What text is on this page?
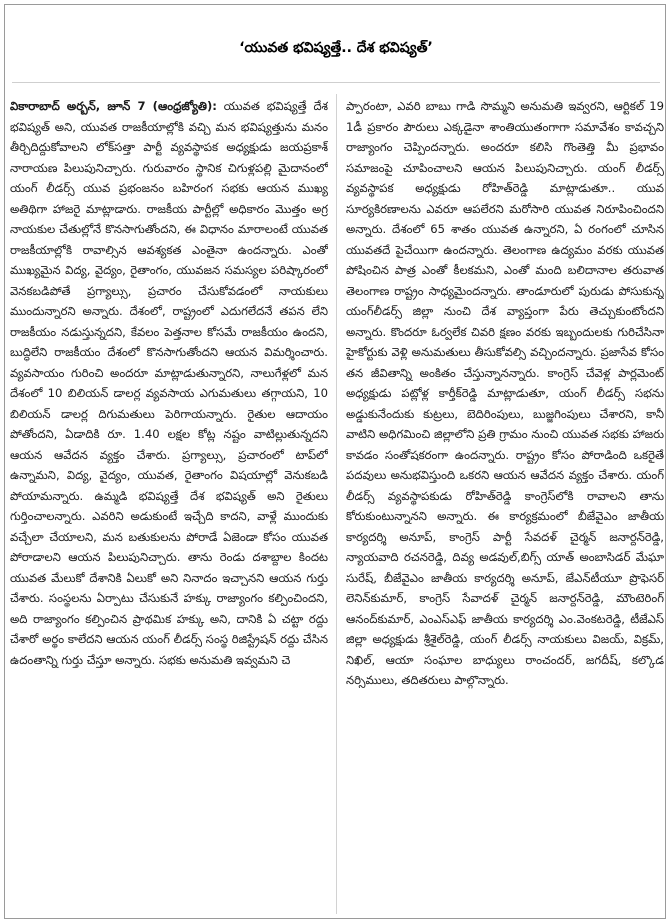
‘యువత భవిష్యత్తే.. దేశ భవిష్యత్’

వికారాబాద్ అర్బన్, జూన్ 7 (ఆంధ్రజ్యోతి): యువత భవిష్యత్తే దేశ భవిష్యత్ అని, యువత రాజకీయాల్లోకి వచ్చి మన భవిష్యత్తును మనం తీర్చిదిద్దుకోవాలని లోక్‌సత్తా పార్టీ వ్యవస్థాపక అధ్యక్షుడు జయప్రకాశ్ నారాయణ పిలుపునిచ్చారు. గురువారం స్థానిక చిగుళ్లపల్లి మైదానంలో యంగ్ లీడర్స్ యువ ప్రభంజనం బహిరంగ సభకు ఆయన ముఖ్య అతిథిగా హాజరై మాట్లాడారు. రాజకీయ పార్టీల్లో అధికారం మొత్తం అగ్ర నాయకుల చేతుల్లోనే కొనసాగుతోందని, ఈ విధానం మారాలంటే యువత రాజకీయాల్లోకి రావాల్సిన ఆవశ్యకత ఎంతైనా ఉందన్నారు. ఎంతో ముఖ్యమైన విద్య, వైద్యం, రైతాంగం, యువజన సమస్యల పరిష్కారంలో వెనకబడిపోతే ప్రగ్యాల్సు, ప్రచారం చేసుకోవడంలో నాయకులు ముందున్నారని అన్నారు. దేశంలో, రాష్ట్రంలో ఎదుగలేదనే తపన లేని రాజకీయం నడుస్తున్నదని, కేవలం పెత్తనాల కోసమే రాజకీయం ఉందని, బుద్ధిలేని రాజకీయం దేశంలో కొనసాగుతోందని ఆయన విమర్శించారు. వ్యవసాయం గురించి అందరూ మాట్లాడుతున్నారని, నాలుగేళ్లలో మన దేశంలో 10 బిలియన్ డాలర్ల వ్యవసాయ ఎగుమతులు తగ్గాయని, 10 బిలియన్ డాలర్ల దిగుమతులు పెరిగాయన్నారు. రైతుల ఆదాయం పోతోందని, ఏడాదికి రూ. 1.40 లక్షల కోట్ల నష్టం వాటిల్లుతున్నదని ఆయన ఆవేదన వ్యక్తం చేశారు. ప్రగ్యాల్సు, ప్రచారంలో టాప్‌లో ఉన్నామని, విద్య, వైద్యం, యువత, రైతాంగం విషయాల్లో వెనుకబడి పోయామన్నారు. ఉమ్మడి భవిష్యత్తే దేశ భవిష్యత్ అని రైతులు గుర్తించాలన్నారు. ఎవరిని అడుకుంటే ఇచ్చేది కాదని, వాళ్లే ముందుకు వచ్చేలా చేయాలని, మన బతుకులను పోరాడే ఏజెండా కోసం యువత పోరాడాలని ఆయన పిలుపునిచ్చారు. తాను రెండు దశాబ్దాల కిందట యువత మేలుకో దేశానికి ఏలుకో అని నినాదం ఇచ్చానని ఆయన గుర్తు చేశారు. సంస్థలను ఏర్పాటు చేసుకునే హక్కు రాజ్యాంగం కల్పించిందని, అది రాజ్యాంగం కల్పించిన ప్రాథమిక హక్కు అని, దానికి ఏ చట్టా రద్దు చేశారో అర్థం కాలేదని ఆయన యంగ్ లీడర్స్ సంస్థ రిజిస్ట్రేషన్ రద్దు చేసిన ఉదంతాన్ని గుర్తు చేస్తూ అన్నారు. సభకు అనుమతి ఇవ్వమని చె

ప్పారంటా, ఎవరి బాబు గాడి సొమ్మని అనుమతి ఇవ్వరని, ఆర్టికల్ 19 1డీ ప్రకారం పౌరులు ఎక్కడైనా శాంతియుతంగాగా సమావేశం కావచ్చని రాజ్యాంగం చెప్పిందన్నారు. అందరూ కలిసి గొంతెత్తి మీ ప్రభావం సమాజంపై చూపించాలని ఆయన పిలుపునిచ్చారు. యంగ్ లీడర్స్ వ్యవస్థాపక అధ్యక్షుడు రోహిత్‌రెడ్డి మాట్లాడుతూ.. యువ సూర్యకిరణాలను ఎవరూ ఆపలేరని మరోసారి యువత నిరూపించిందని అన్నారు. దేశంలో 65 శాతం యువత ఉన్నారని, ఏ రంగంలో చూసిన యువతదే పైచేయిగా ఉందన్నారు. తెలంగాణ ఉద్యమం వరకు యువత పోషించిన పాత్ర ఎంతో కీలకమని, ఎంతో మంది బలిదానాల తరువాత తెలంగాణ రాష్ట్రం సాధ్యమైందన్నారు. తాండూరులో పురుడు పోసుకున్న యంగ్‌లీడర్స్ జిల్లా నుంచి దేశ వ్యాప్తంగా పేరు తెచ్చుకుంటోందని అన్నారు. కొందరూ ఓర్వలేక చివరి క్షణం వరకు ఇబ్బందులకు గురిచేసినా హైకోర్టుకు వెళ్లి అనుమతులు తీసుకోవల్సి వచ్చిందన్నారు. ప్రజాసేవ కోసం తన జీవితాన్ని అంకితం చేస్తున్నానన్నారు. కాంగ్రెస్ చేవెళ్ల పార్లమెంట్ అధ్యక్షుడు పట్లోళ్ల కార్తీక్‌రెడ్డి మాట్లాడుతూ, యంగ్ లీడర్స్ సభను అడ్డుకునేందుకు కుట్రలు, బెదిరింపులు, బుజ్జగింపులు చేశారని, కానీ వాటిని అధిగమించి జిల్లాలోని ప్రతి గ్రామం నుంచి యువత సభకు హాజరు కావడం సంతోషకరంగా ఉందన్నారు. రాష్ట్రం కోసం పోరాడింది ఒకరైతే పదవులు అనుభవిస్తుంది ఒకరని ఆయన ఆవేదన వ్యక్తం చేశారు. యంగ్ లీడర్స్ వ్యవస్థాపకుడు రోహిత్‌రెడ్డి కాంగ్రెస్‌లోకి రావాలని తాను కోరుకుంటున్నానని అన్నారు. ఈ కార్యక్రమంలో బీజేవైఎం జాతీయ కార్యదర్శి అనూప్, కాంగ్రెస్ పార్టీ సేవదళ్ చైర్మన్ జనార్దన్‌రెడ్డి, న్యాయవాది రచనరెడ్డి, దివ్య అడవుల్,బిగ్స్ యాత్ అంబాసిడర్ మేఘా సురేష్, బీజేవైఎం జాతీయ కార్యదర్శి అనూప్, జేఎన్‌టీయూ ప్రొఫెసర్ లెనిన్‌కుమార్, కాంగ్రెస్ సేవాదళ్ చైర్మన్ జనార్దన్‌రెడ్డి, మౌంటెరింగ్ ఆనంద్‌కుమార్, ఎంఎస్‌ఎఫ్ జాతీయ కార్యదర్శి ఎం.వెంకటరెడ్డి, టీజేఎస్ జిల్లా అధ్యక్షుడు శ్రీశైల్‌రెడ్డి, యంగ్ లీడర్స్ నాయకులు విజయ్, విక్రమ్, నిఖిల్, ఆయా సంఘాల బాధ్యులు రాంచందర్, జగదీష్, కల్కొడ నర్సిములు, తదితరులు పాల్గొన్నారు.
